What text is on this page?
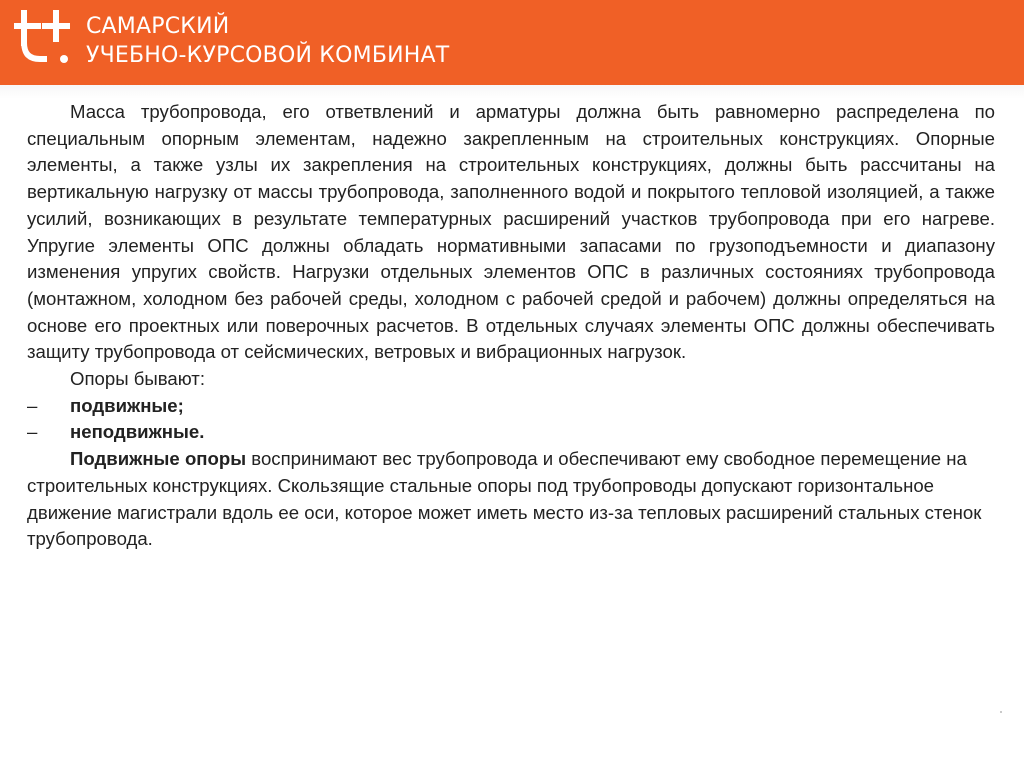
САМАРСКИЙ
УЧЕБНО-КУРСОВОЙ КОМБИНАТ

Масса трубопровода, его ответвлений и арматуры должна быть равномерно распределена по специальным опорным элементам, надежно закрепленным на строительных конструкциях. Опорные элементы, а также узлы их закрепления на строительных конструкциях, должны быть рассчитаны на вертикальную нагрузку от массы трубопровода, заполненного водой и покрытого тепловой изоляцией, а также усилий, возникающих в результате температурных расширений участков трубопровода при его нагреве. Упругие элементы ОПС должны обладать нормативными запасами по грузоподъемности и диапазону изменения упругих свойств. Нагрузки отдельных элементов ОПС в различных состояниях трубопровода (монтажном, холодном без рабочей среды, холодном с рабочей средой и рабочем) должны определяться на основе его проектных или поверочных расчетов. В отдельных случаях элементы ОПС должны обеспечивать защиту трубопровода от сейсмических, ветровых и вибрационных нагрузок.

Опоры бывают:

–	подвижные;
–	неподвижные.

Подвижные опоры воспринимают вес трубопровода и обеспечивают ему свободное перемещение на строительных конструкциях. Скользящие стальные опоры под трубопроводы допускают горизонтальное движение магистрали вдоль ее оси, которое может иметь место из-за тепловых расширений стальных стенок трубопровода.
